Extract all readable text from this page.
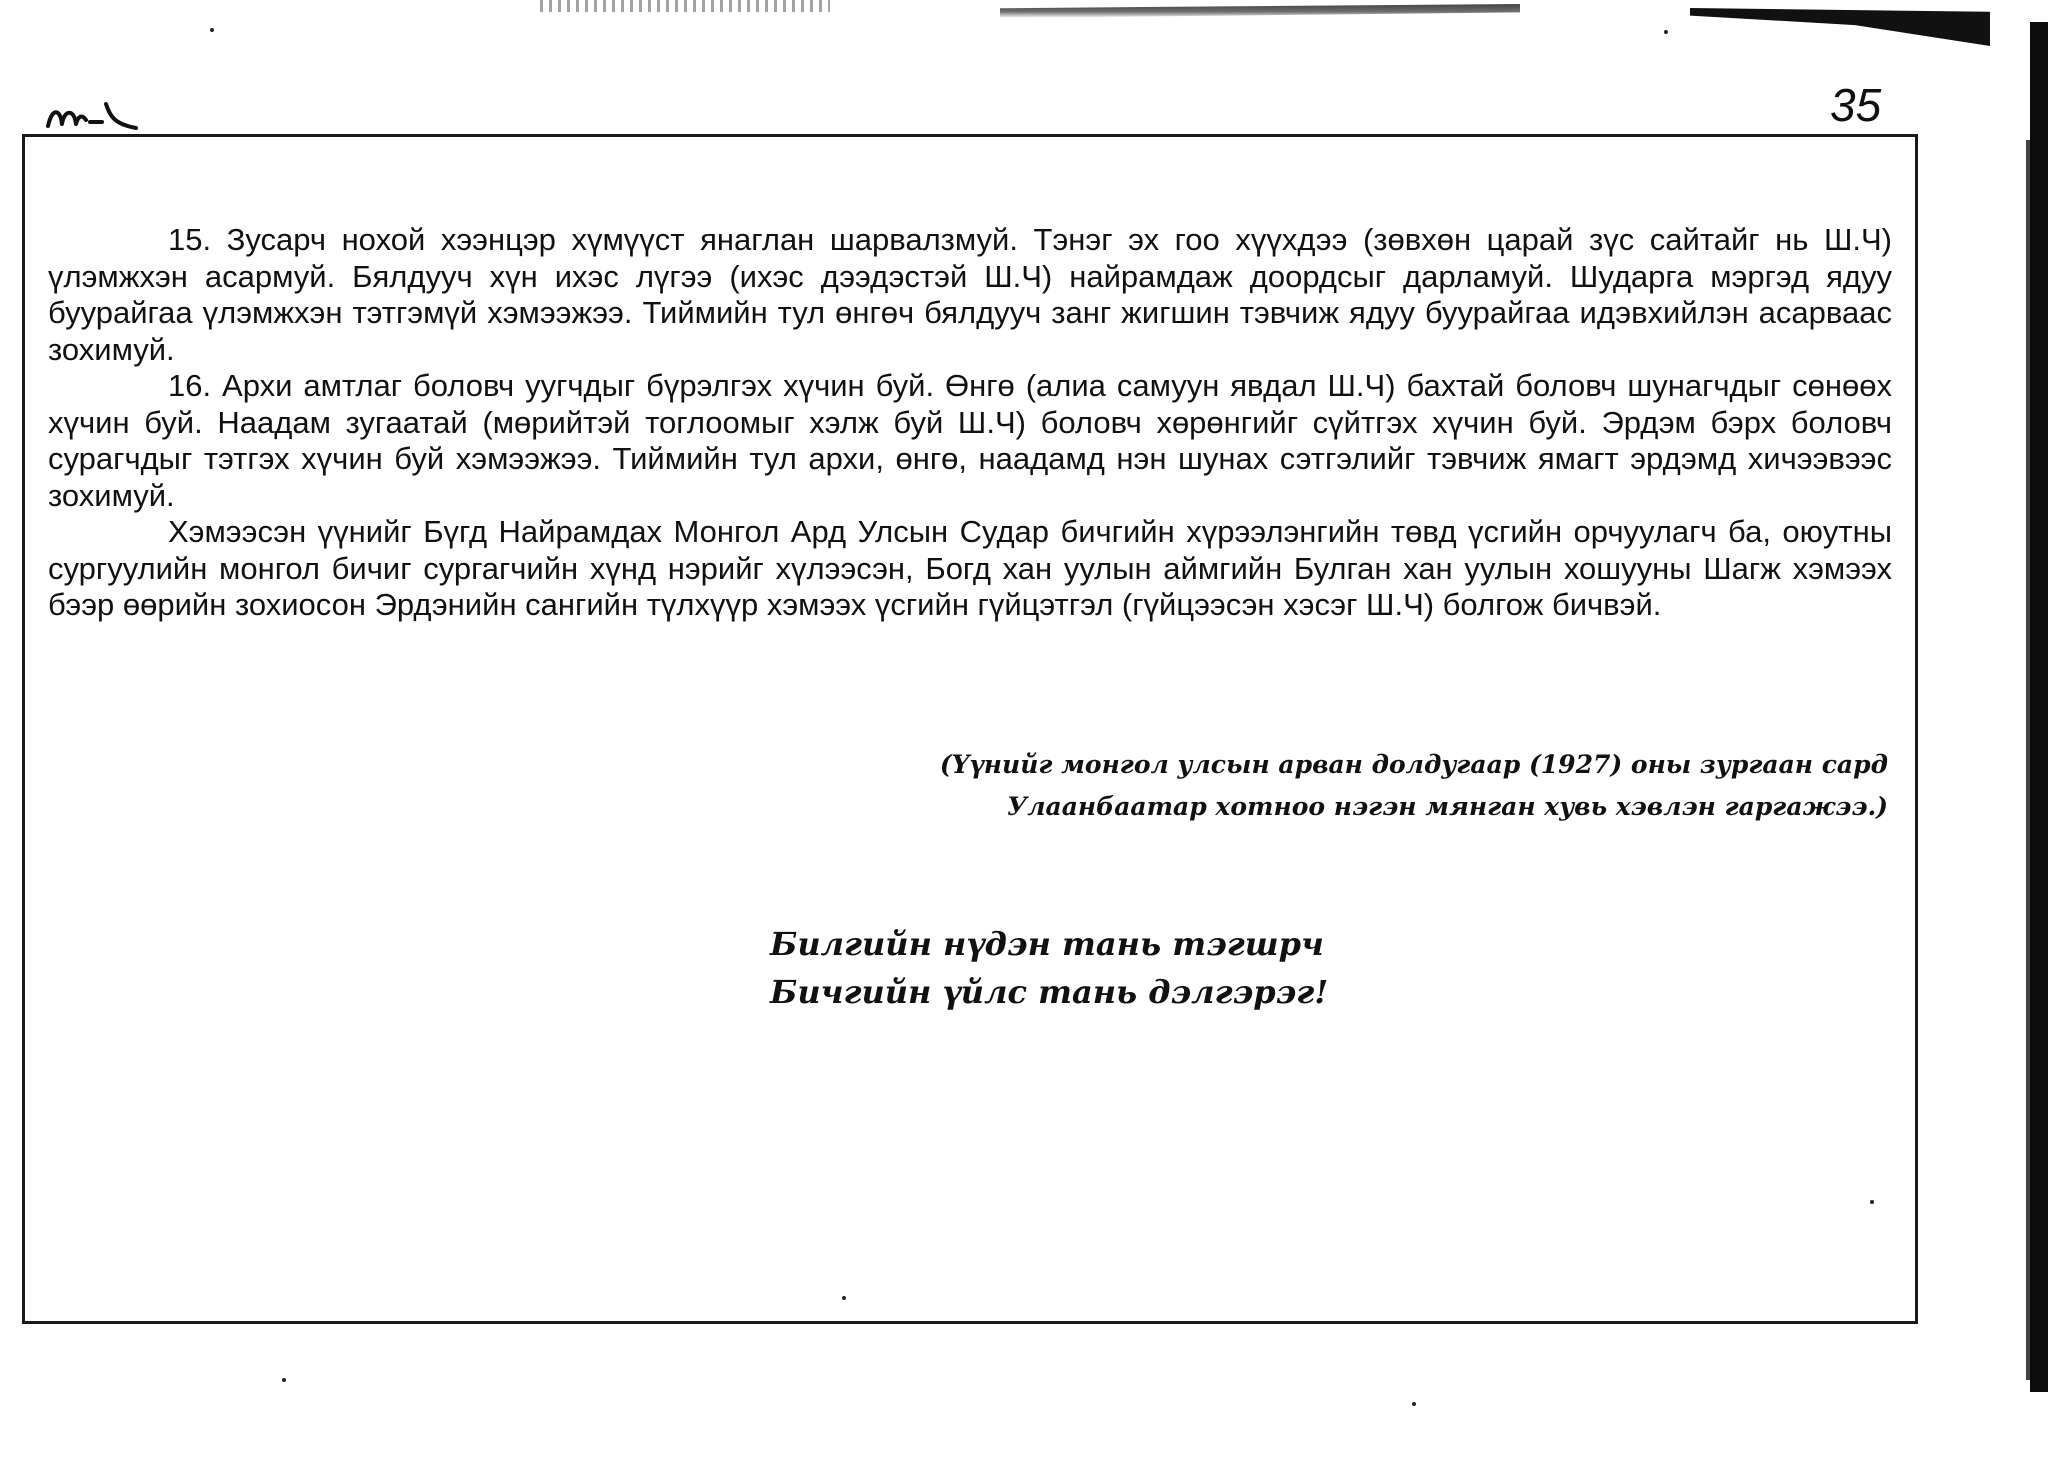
35

15. Зусарч нохой хээнцэр хүмүүст янаглан шарвалзмуй. Тэнэг эх гоо хүүхдээ (зөвхөн царай зүс сайтайг нь Ш.Ч) үлэмжхэн асармуй. Бялдууч хүн ихэс лүгээ (ихэс дээдэстэй Ш.Ч) найрамдаж доордсыг дарламуй. Шударга мэргэд ядуу буурайгаа үлэмжхэн тэтгэмүй хэмээжээ. Тиймийн тул өнгөч бялдууч занг жигшин тэвчиж ядуу буурайгаа идэвхийлэн асарваас зохимуй.

16. Архи амтлаг боловч уугчдыг бүрэлгэх хүчин буй. Өнгө (алиа самуун явдал Ш.Ч) бахтай боловч шунагчдыг сөнөөх хүчин буй. Наадам зугаатай (мөрийтэй тоглоомыг хэлж буй Ш.Ч) боловч хөрөнгийг сүйтгэх хүчин буй. Эрдэм бэрх боловч сурагчдыг тэтгэх хүчин буй хэмээжээ. Тиймийн тул архи, өнгө, наадамд нэн шунах сэтгэлийг тэвчиж ямагт эрдэмд хичээвээс зохимуй.

Хэмээсэн үүнийг Бүгд Найрамдах Монгол Ард Улсын Судар бичгийн хүрээлэнгийн төвд үсгийн орчуулагч ба, оюутны сургуулийн монгол бичиг сургагчийн хүнд нэрийг хүлээсэн, Богд хан уулын аймгийн Булган хан уулын хошууны Шагж хэмээх бээр өөрийн зохиосон Эрдэнийн сангийн түлхүүр хэмээх үсгийн гүйцэтгэл (гүйцээсэн хэсэг Ш.Ч) болгож бичвэй.

(Үүнийг монгол улсын арван долдугаар (1927) оны зургаан сард
Улаанбаатар хотноо нэгэн мянган хувь хэвлэн гаргажээ.)
Билгийн нүдэн тань тэгшрч
Бичгийн үйлс тань дэлгэрэг!
